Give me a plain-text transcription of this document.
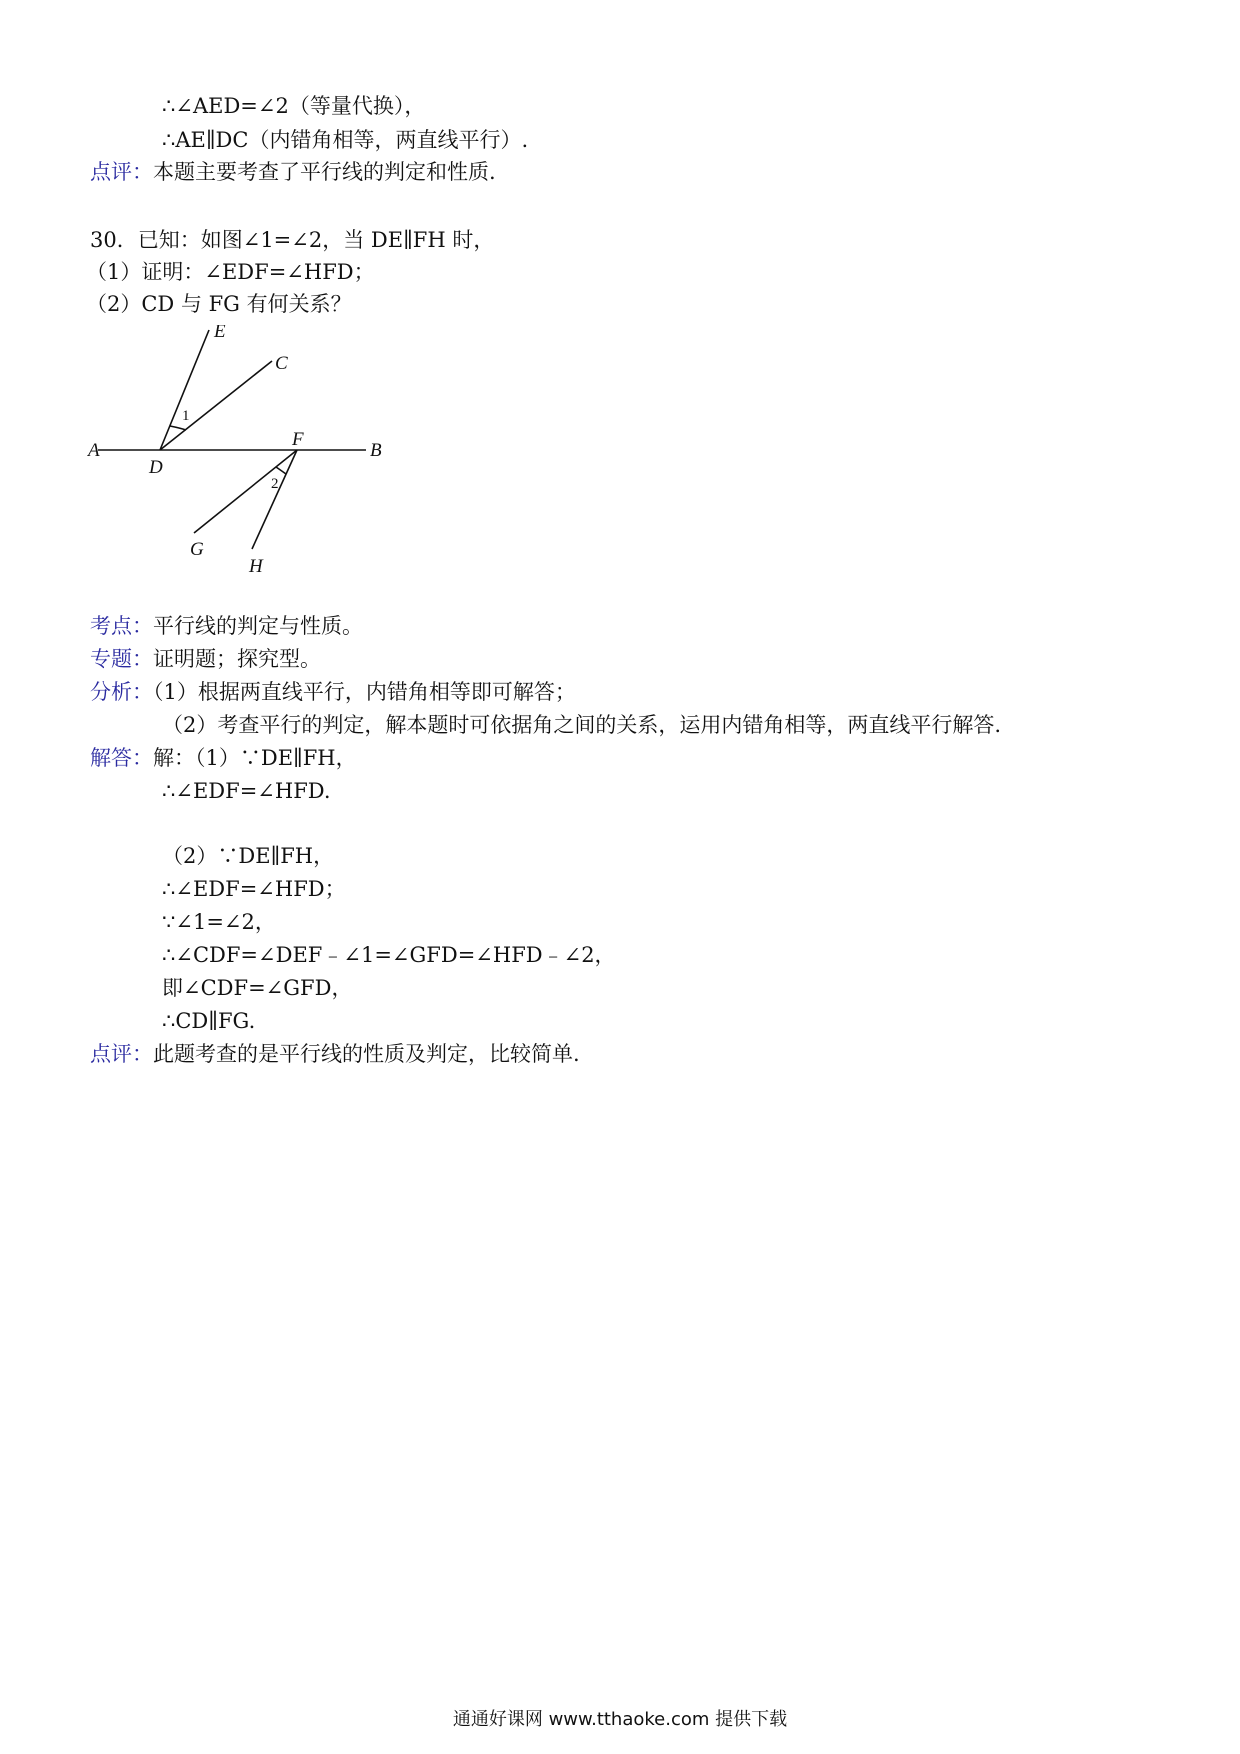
∴∠AED=∠2（等量代换），
∴AE∥DC（内错角相等，两直线平行）.
点评：本题主要考查了平行线的判定和性质.
30．已知：如图∠1=∠2，当 DE∥FH 时，
（1）证明：∠EDF=∠HFD；
（2）CD 与 FG 有何关系？
A	B
D
E
C
F
G
H
1
2
考点：平行线的判定与性质。
专题：证明题；探究型。
分析：（1）根据两直线平行，内错角相等即可解答；
（2）考查平行的判定，解本题时可依据角之间的关系，运用内错角相等，两直线平行解答.
解答：解：（1）∵DE∥FH，
∴∠EDF=∠HFD.
（2）∵DE∥FH，
∴∠EDF=∠HFD；
∵∠1=∠2，
∴∠CDF=∠DEF﹣∠1=∠GFD=∠HFD﹣∠2，
即∠CDF=∠GFD，
∴CD∥FG.
点评：此题考查的是平行线的性质及判定，比较简单.
通通好课网 www.tthaoke.com 提供下载
